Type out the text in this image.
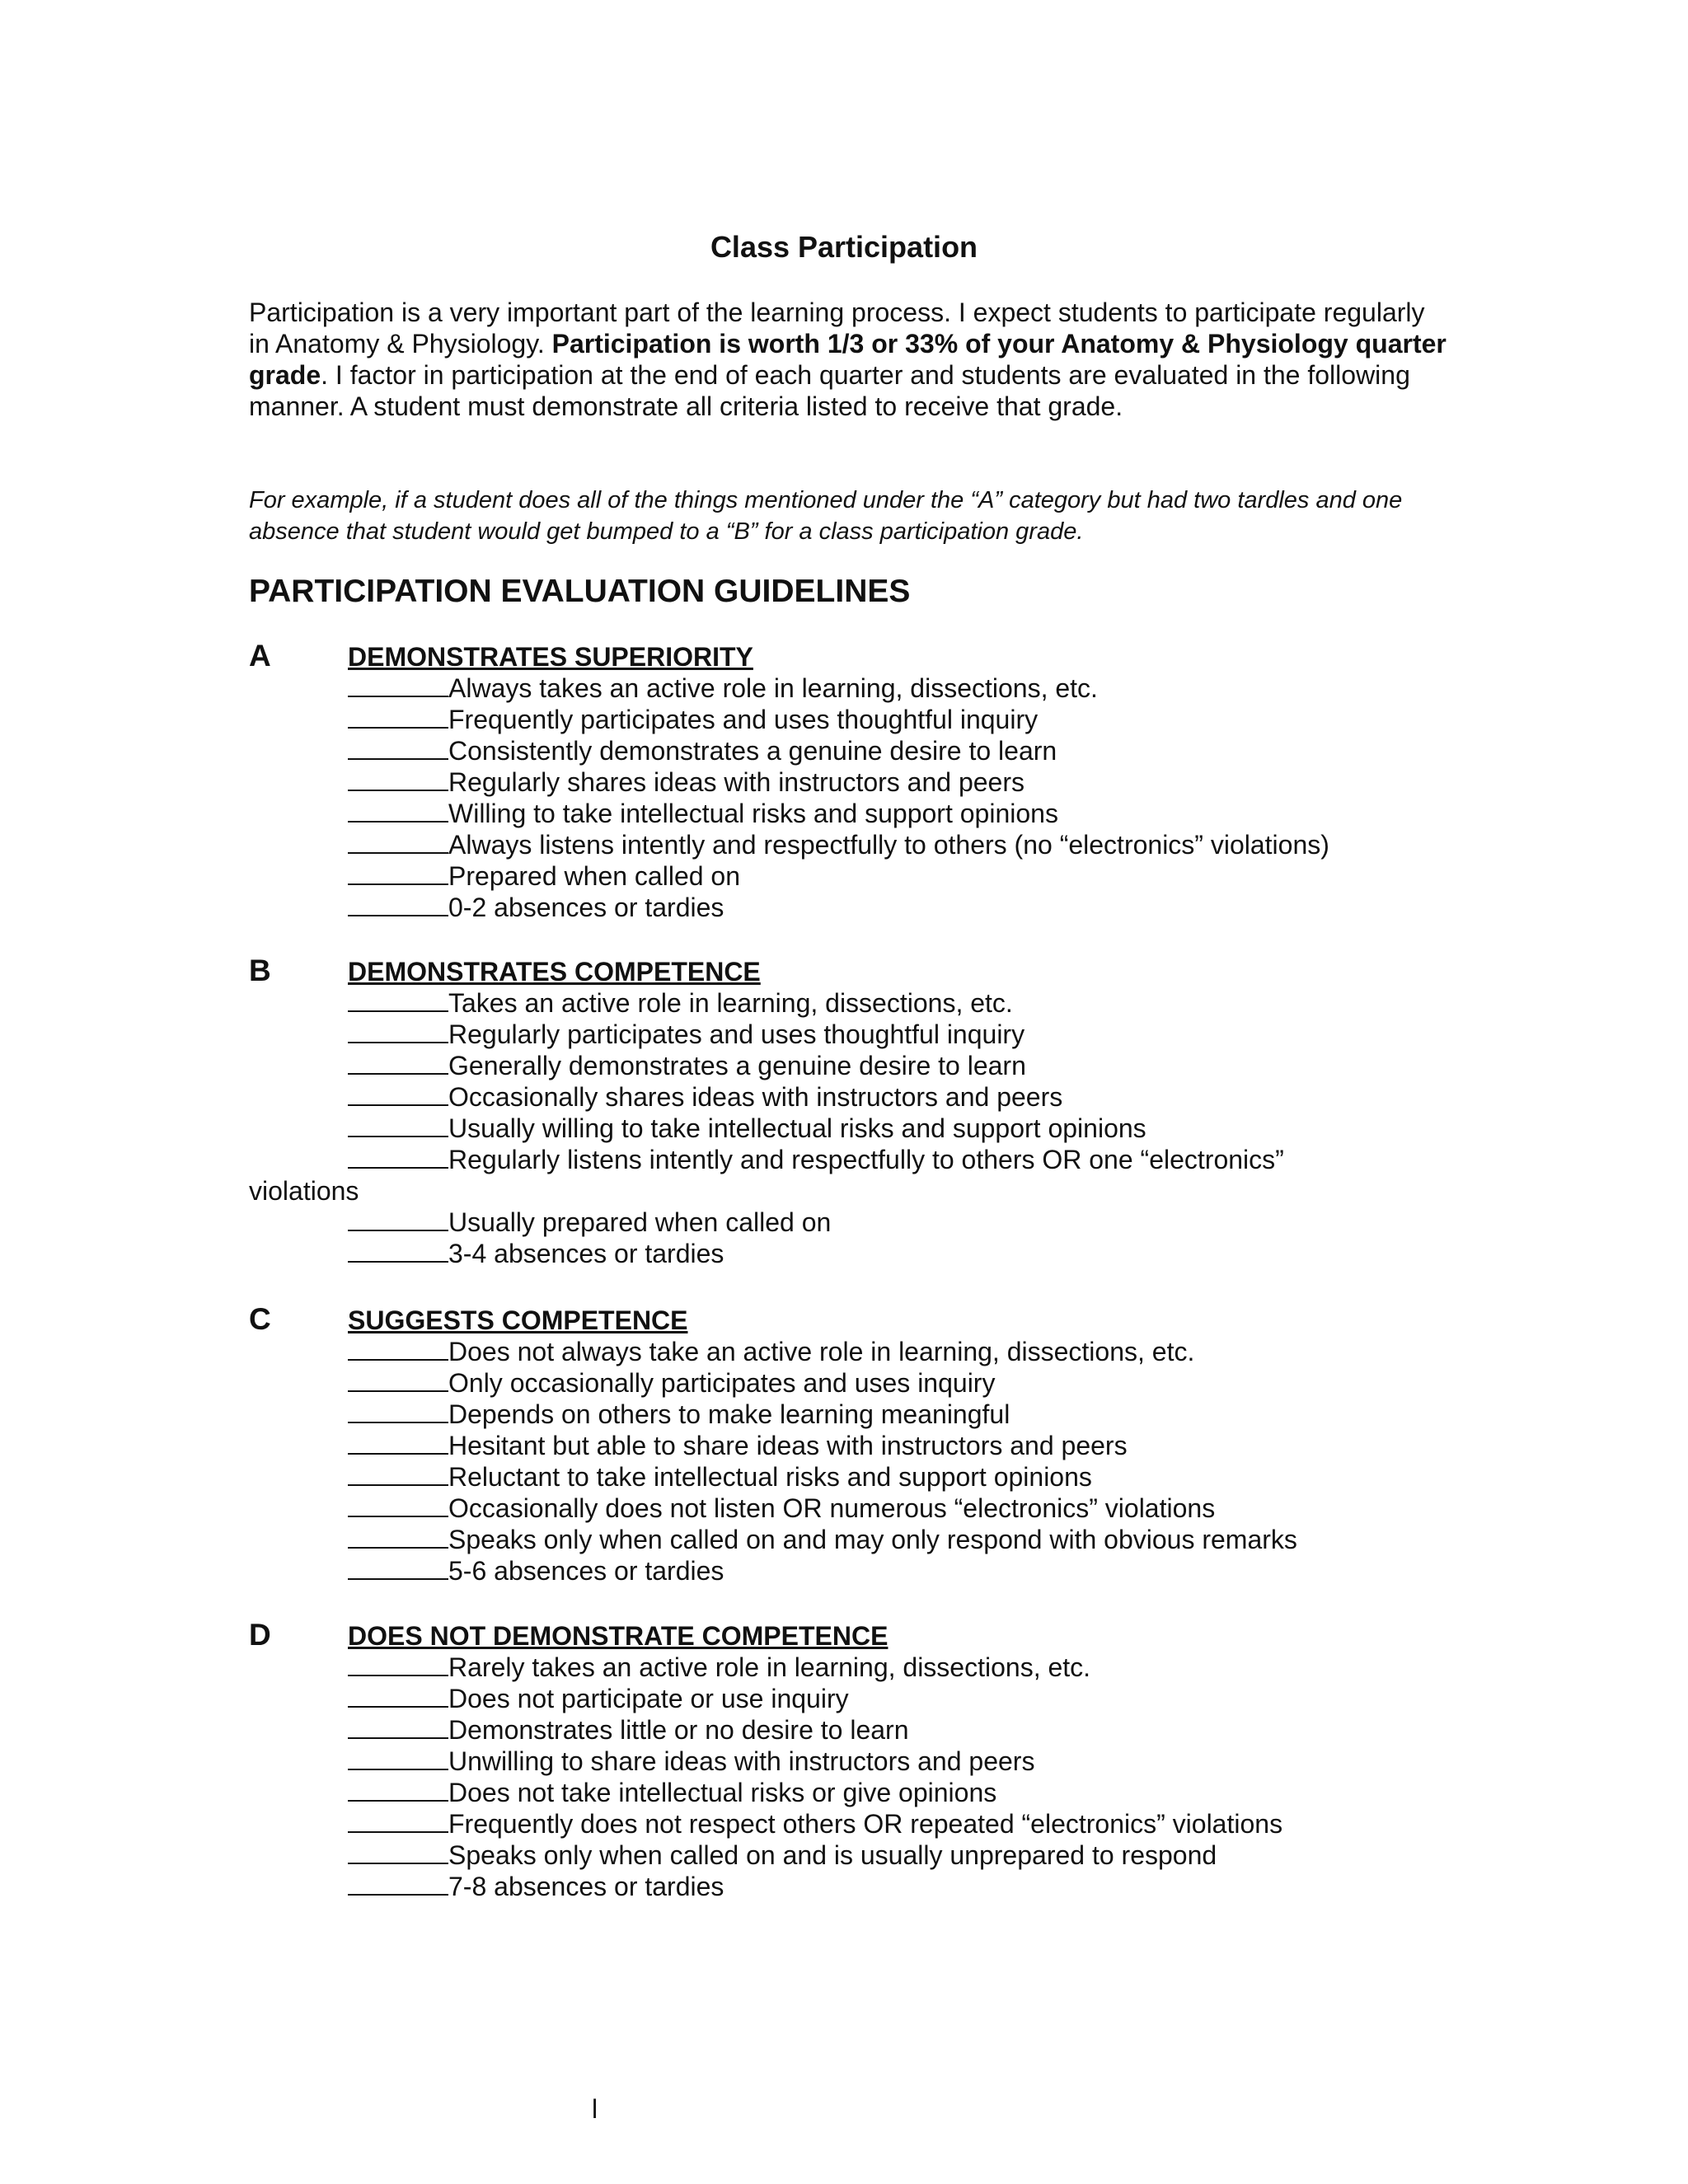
Class Participation
Participation is a very important part of the learning process. I expect students to participate regularly in Anatomy & Physiology. Participation is worth 1/3 or 33% of your Anatomy & Physiology quarter grade. I factor in participation at the end of each quarter and students are evaluated in the following manner. A student must demonstrate all criteria listed to receive that grade.
For example, if a student does all of the things mentioned under the “A” category but had two tardles and one absence that student would get bumped to a “B” for a class participation grade.
PARTICIPATION EVALUATION GUIDELINES
A	DEMONSTRATES SUPERIORITY
Always takes an active role in learning, dissections, etc.
Frequently participates and uses thoughtful inquiry
Consistently demonstrates a genuine desire to learn
Regularly shares ideas with instructors and peers
Willing to take intellectual risks and support opinions
Always listens intently and respectfully to others (no “electronics” violations)
Prepared when called on
0-2 absences or tardies
B	DEMONSTRATES COMPETENCE
Takes an active role in learning, dissections, etc.
Regularly participates and uses thoughtful inquiry
Generally demonstrates a genuine desire to learn
Occasionally shares ideas with instructors and peers
Usually willing to take intellectual risks and support opinions
Regularly listens intently and respectfully to others OR one “electronics”
violations
Usually prepared when called on
3-4 absences or tardies
C	SUGGESTS COMPETENCE
Does not always take an active role in learning, dissections, etc.
Only occasionally participates and uses inquiry
Depends on others to make learning meaningful
Hesitant but able to share ideas with instructors and peers
Reluctant to take intellectual risks and support opinions
Occasionally does not listen OR numerous “electronics” violations
Speaks only when called on and may only respond with obvious remarks
5-6 absences or tardies
D	DOES NOT DEMONSTRATE COMPETENCE
Rarely takes an active role in learning, dissections, etc.
Does not participate or use inquiry
Demonstrates little or no desire to learn
Unwilling to share ideas with instructors and peers
Does not take intellectual risks or give opinions
Frequently does not respect others OR repeated “electronics” violations
Speaks only when called on and is usually unprepared to respond
7-8 absences or tardies
l
